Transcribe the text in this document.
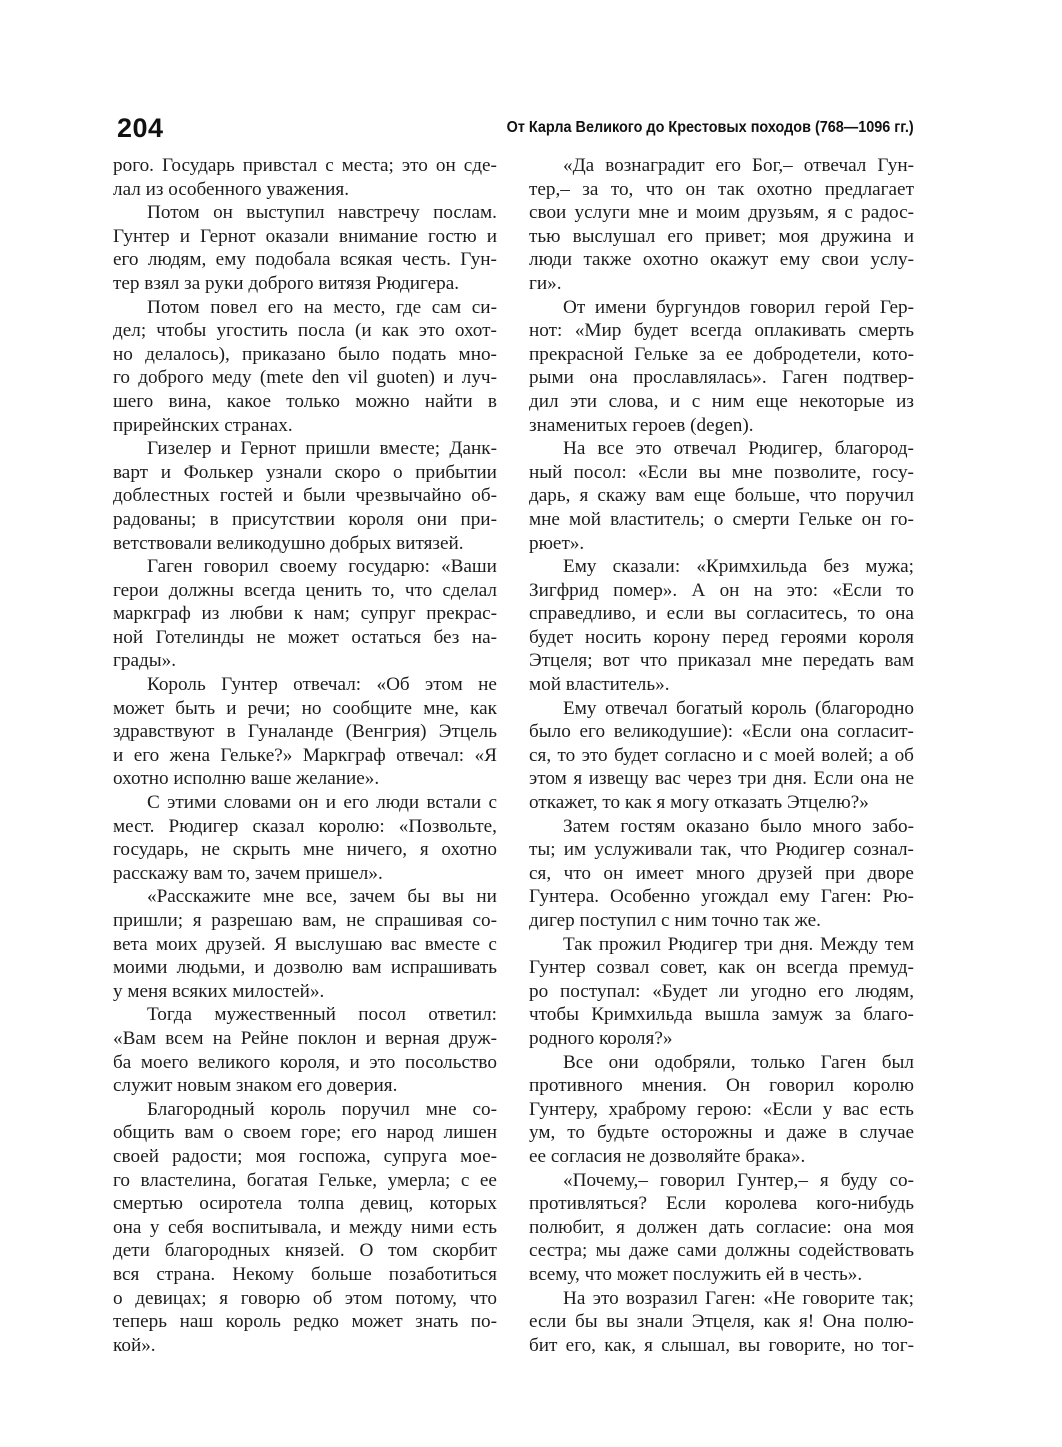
204	От Карла Великого до Крестовых походов (768—1096 гг.)
рого. Государь привстал с места; это он сде-
лал из особенного уважения.
Потом он выступил навстречу послам.
Гунтер и Гернот оказали внимание гостю и
его людям, ему подобала всякая честь. Гун-
тер взял за руки доброго витязя Рюдигера.
Потом повел его на место, где сам си-
дел; чтобы угостить посла (и как это охот-
но делалось), приказано было подать мно-
го доброго меду (mete den vil guoten) и луч-
шего вина, какое только можно найти в
прирейнских странах.
Гизелер и Гернот пришли вместе; Данк-
варт и Фолькер узнали скоро о прибытии
доблестных гостей и были чрезвычайно об-
радованы; в присутствии короля они при-
ветствовали великодушно добрых витязей.
Гаген говорил своему государю: «Ваши
герои должны всегда ценить то, что сделал
маркграф из любви к нам; супруг прекрас-
ной Готелинды не может остаться без на-
грады».
Король Гунтер отвечал: «Об этом не
может быть и речи; но сообщите мне, как
здравствуют в Гуналанде (Венгрия) Этцель
и его жена Гельке?» Маркграф отвечал: «Я
охотно исполню ваше желание».
С этими словами он и его люди встали с
мест. Рюдигер сказал королю: «Позвольте,
государь, не скрыть мне ничего, я охотно
расскажу вам то, зачем пришел».
«Расскажите мне все, зачем бы вы ни
пришли; я разрешаю вам, не спрашивая со-
вета моих друзей. Я выслушаю вас вместе с
моими людьми, и дозволю вам испрашивать
у меня всяких милостей».
Тогда мужественный посол ответил:
«Вам всем на Рейне поклон и верная друж-
ба моего великого короля, и это посольство
служит новым знаком его доверия.
Благородный король поручил мне со-
общить вам о своем горе; его народ лишен
своей радости; моя госпожа, супруга мое-
го властелина, богатая Гельке, умерла; с ее
смертью осиротела толпа девиц, которых
она у себя воспитывала, и между ними есть
дети благородных князей. О том скорбит
вся страна. Некому больше позаботиться
о девицах; я говорю об этом потому, что
теперь наш король редко может знать по-
кой».
«Да вознаградит его Бог,– отвечал Гун-
тер,– за то, что он так охотно предлагает
свои услуги мне и моим друзьям, я с радос-
тью выслушал его привет; моя дружина и
люди также охотно окажут ему свои услу-
ги».
От имени бургундов говорил герой Гер-
нот: «Мир будет всегда оплакивать смерть
прекрасной Гельке за ее добродетели, кото-
рыми она прославлялась». Гаген подтвер-
дил эти слова, и с ним еще некоторые из
знаменитых героев (degen).
На все это отвечал Рюдигер, благород-
ный посол: «Если вы мне позволите, госу-
дарь, я скажу вам еще больше, что поручил
мне мой властитель; о смерти Гельке он го-
рюет».
Ему сказали: «Кримхильда без мужа;
Зигфрид помер». А он на это: «Если то
справедливо, и если вы согласитесь, то она
будет носить корону перед героями короля
Этцеля; вот что приказал мне передать вам
мой властитель».
Ему отвечал богатый король (благородно
было его великодушие): «Если она согласит-
ся, то это будет согласно и с моей волей; а об
этом я извещу вас через три дня. Если она не
откажет, то как я могу отказать Этцелю?»
Затем гостям оказано было много забо-
ты; им услуживали так, что Рюдигер сознал-
ся, что он имеет много друзей при дворе
Гунтера. Особенно угождал ему Гаген: Рю-
дигер поступил с ним точно так же.
Так прожил Рюдигер три дня. Между тем
Гунтер созвал совет, как он всегда премуд-
ро поступал: «Будет ли угодно его людям,
чтобы Кримхильда вышла замуж за благо-
родного короля?»
Все они одобряли, только Гаген был
противного мнения. Он говорил королю
Гунтеру, храброму герою: «Если у вас есть
ум, то будьте осторожны и даже в случае
ее согласия не дозволяйте брака».
«Почему,– говорил Гунтер,– я буду со-
противляться? Если королева кого-нибудь
полюбит, я должен дать согласие: она моя
сестра; мы даже сами должны содействовать
всему, что может послужить ей в честь».
На это возразил Гаген: «Не говорите так;
если бы вы знали Этцеля, как я! Она полю-
бит его, как, я слышал, вы говорите, но тог-
